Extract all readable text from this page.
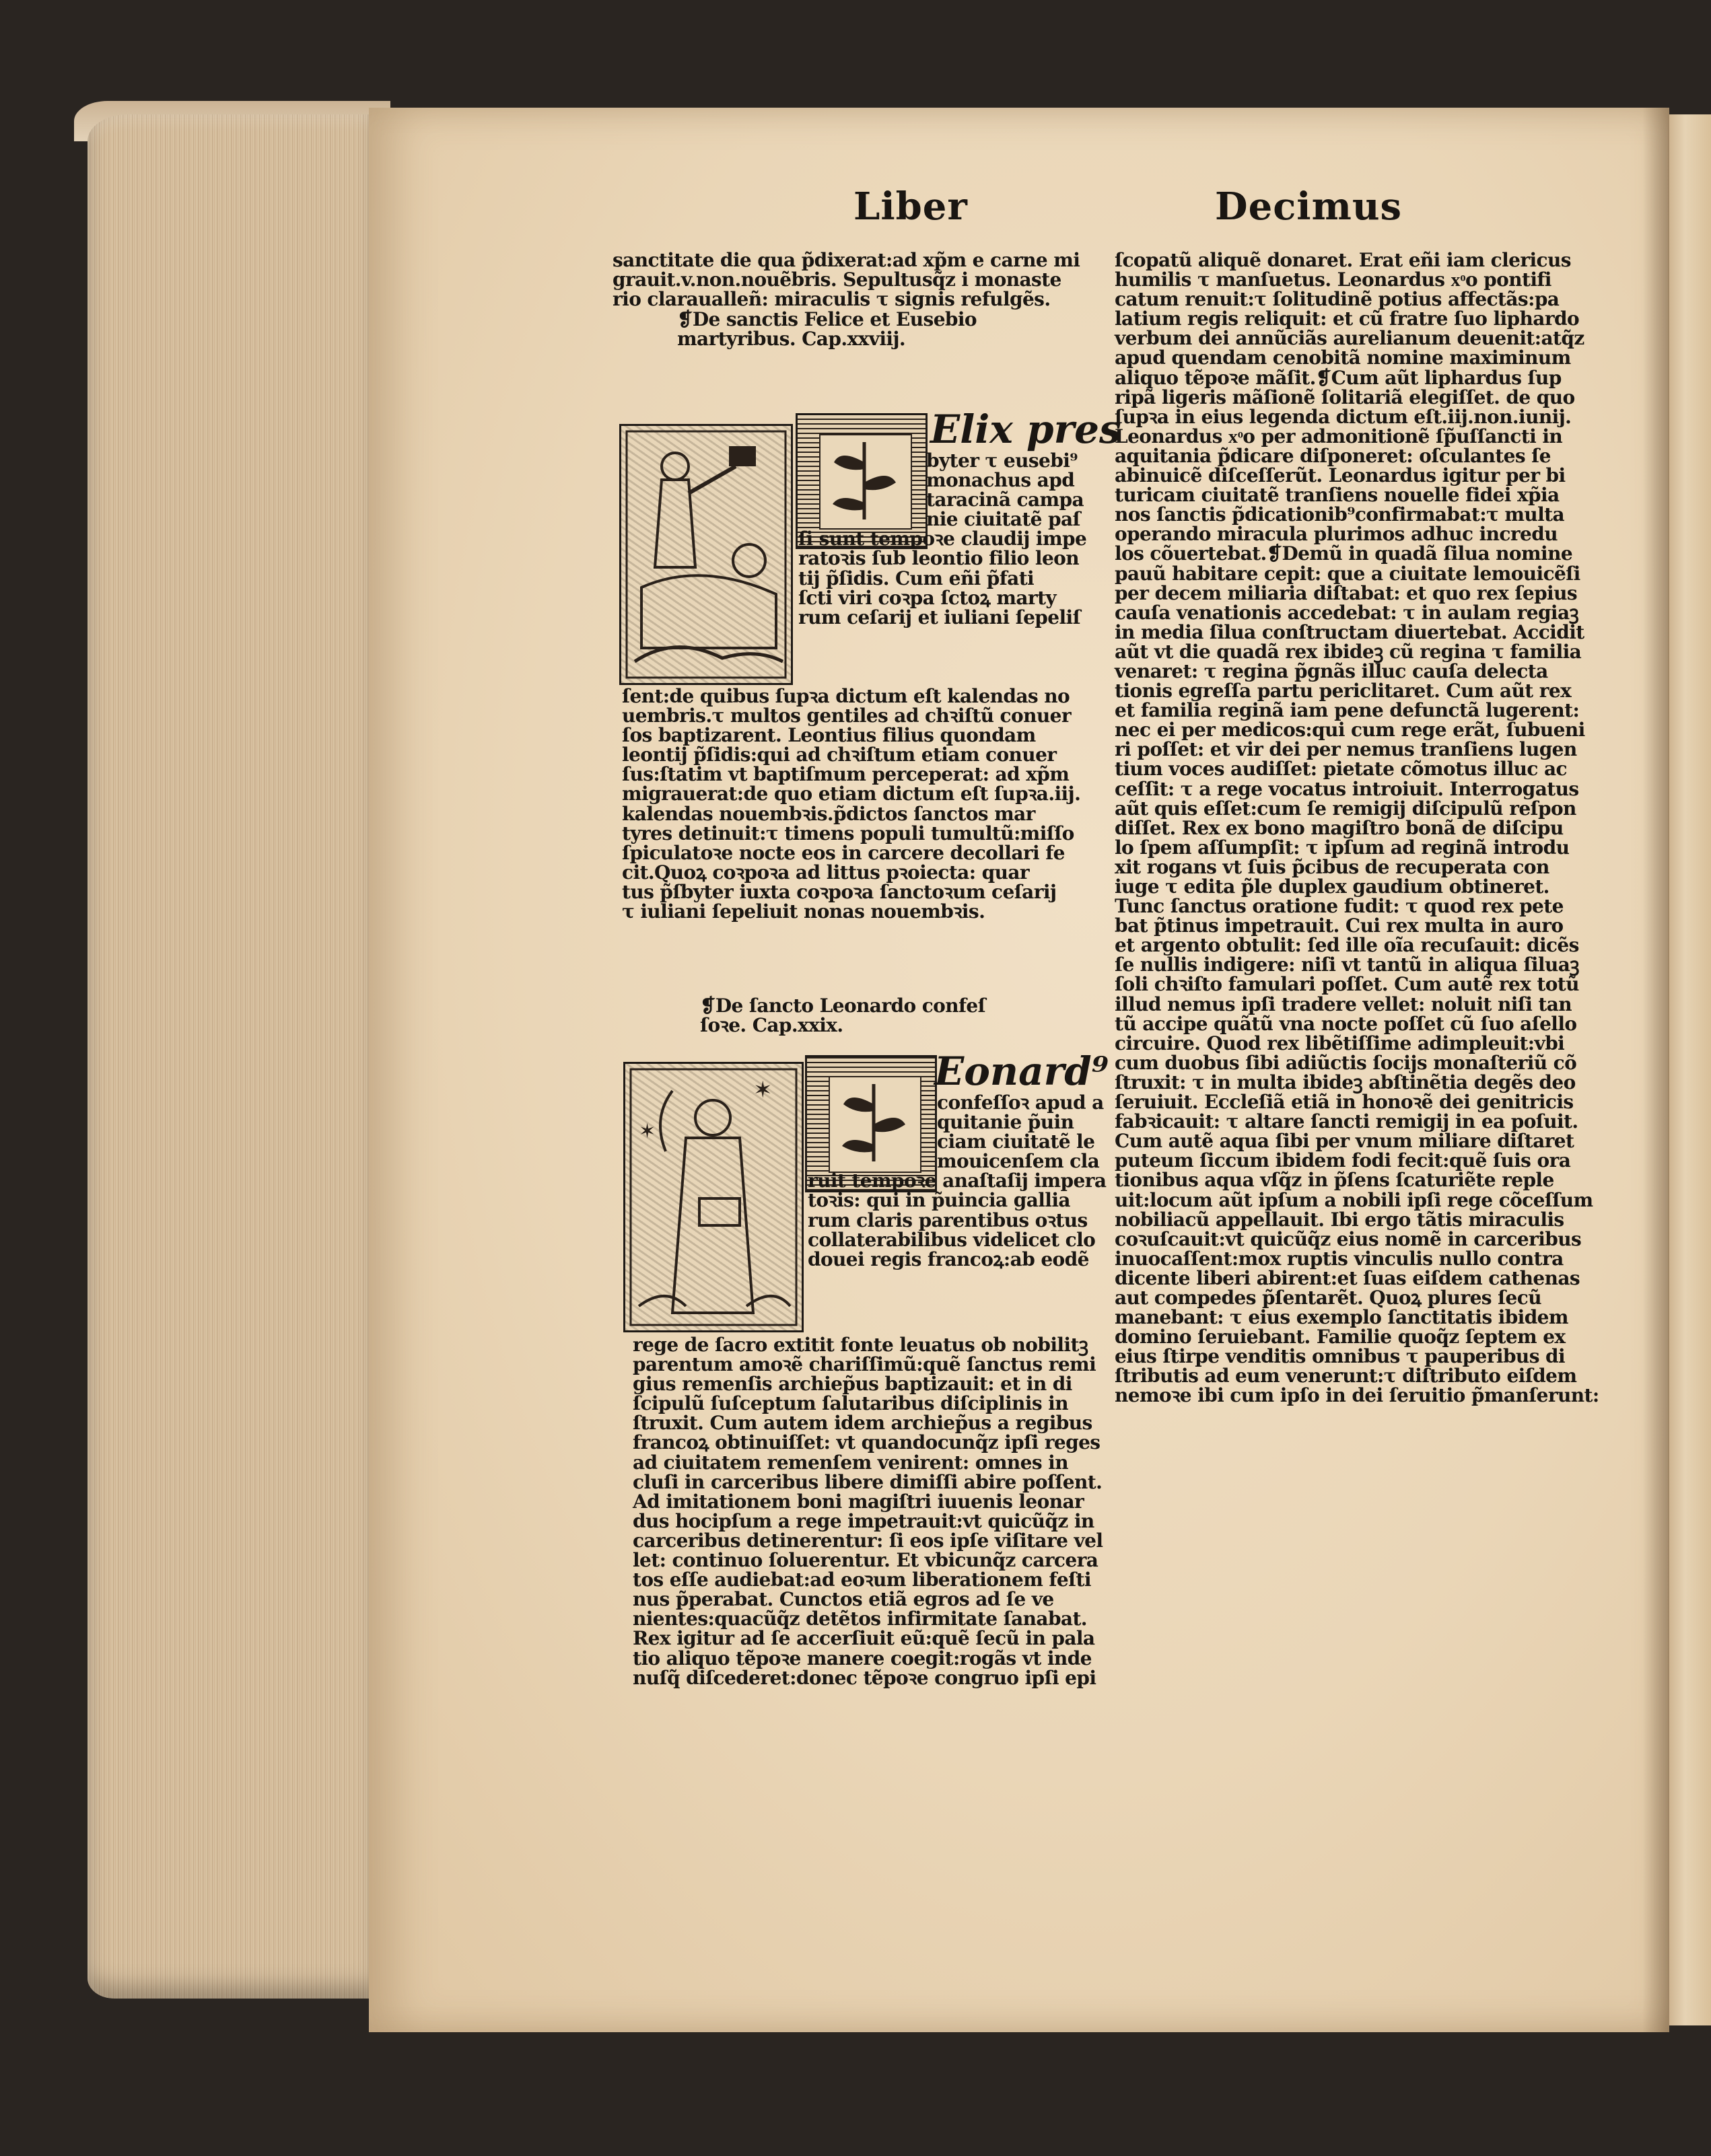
Liber	Decimus
sanctitate die qua p̃dixerat:ad xp̃m e carne mi
grauit.v.non.nouẽbris. Sepultusq̃z i monaste
rio claraualleñ: miraculis τ signis refulgẽs.
❡De sanctis Felice et Eusebio
martyribus. Cap.xxviij.
Elix pres
byter τ eusebi⁹
monachus apd
taracinã campa
nie ciuitatẽ paſ
ſi sunt tempoꝛe claudij impe
ratoꝛis ſub leontio filio leon
tij p̃ſidis. Cum eñi p̃fati
ſcti viri coꝛpa ſctoꝝ marty
rum ceſarij et iuliani ſepeliſ
ſent:de quibus ſupꝛa dictum eſt kalendas no
uembris.τ multos gentiles ad chꝛiſtũ conuer
ſos baptizarent. Leontius filius quondam
leontij p̃ſidis:qui ad chꝛiſtum etiam conuer
ſus:ſtatim vt baptiſmum perceperat: ad xp̃m
migrauerat:de quo etiam dictum eſt ſupꝛa.iij.
kalendas nouembꝛis.p̃dictos ſanctos mar
tyres detinuit:τ timens populi tumultũ:miſſo
ſpiculatoꝛe nocte eos in carcere decollari fe
cit.Quoꝝ coꝛpoꝛa ad littus pꝛoiecta: quar
tus p̃ſbyter iuxta coꝛpoꝛa ſanctoꝛum ceſarij
τ iuliani ſepeliuit nonas nouembꝛis.
❡De ſancto Leonardo confeſ
ſoꝛe. Cap.xxix.
✶
✶
Eonard⁹
confeſſoꝛ apud a
quitanie p̃uin
ciam ciuitatẽ le
mouicenſem cla
ruit tempoꝛe anaſtaſij impera
toꝛis: qui in p̃uincia gallia
rum claris parentibus oꝛtus
collaterabilibus videlicet clo
douei regis francoꝝ:ab eodẽ
rege de ſacro extitit fonte leuatus ob nobilitꝫ
parentum amoꝛẽ chariſſimũ:quẽ ſanctus remi
gius remenſis archiep̃us baptizauit: et in di
ſcipulũ ſuſceptum ſalutaribus diſciplinis in
ſtruxit. Cum autem idem archiep̃us a regibus
francoꝝ obtinuiſſet: vt quandocunq̃z ipſi reges
ad ciuitatem remenſem venirent: omnes in
cluſi in carceribus libere dimiſſi abire poſſent.
Ad imitationem boni magiſtri iuuenis leonar
dus hocipſum a rege impetrauit:vt quicũq̃z in
carceribus detinerentur: ſi eos ipſe viſitare vel
let: continuo ſoluerentur. Et vbicunq̃z carcera
tos eſſe audiebat:ad eoꝛum liberationem feſti
nus p̃perabat. Cunctos etiã egros ad ſe ve
nientes:quacũq̃z detẽtos infirmitate ſanabat.
Rex igitur ad ſe accerſiuit eũ:quẽ ſecũ in pala
tio aliquo tẽpoꝛe manere coegit:rogãs vt inde
nuſq̃ diſcederet:donec tẽpoꝛe congruo ipſi epi
ſcopatũ aliquẽ donaret. Erat eñi iam clericus
humilis τ manſuetus. Leonardus xͦo pontifi
catum renuit:τ ſolitudinẽ potius affectãs:pa
latium regis reliquit: et cũ fratre ſuo liphardo
verbum dei annũciãs aurelianum deuenit:atq̃z
apud quendam cenobitã nomine maximinum
aliquo tẽpoꝛe mãſit.❡Cum aũt liphardus ſup
ripã ligeris mãſionẽ ſolitariã elegiſſet. de quo
ſupꝛa in eius legenda dictum eſt.iij.non.iunij.
Leonardus xͦo per admonitionẽ ſp̃uſſancti in
aquitania p̃dicare diſponeret: oſculantes ſe
abinuicẽ diſceſſerũt. Leonardus igitur per bi
turicam ciuitatẽ tranſiens nouelle fidei xp̃ia
nos ſanctis p̃dicationib⁹confirmabat:τ multa
operando miracula plurimos adhuc incredu
los cõuertebat.❡Demũ in quadã ſilua nomine
pauũ habitare cepit: que a ciuitate lemouicẽſi
per decem miliaria diſtabat: et quo rex ſepius
cauſa venationis accedebat: τ in aulam regiaꝫ
in media ſilua conſtructam diuertebat. Accidit
aũt vt die quadã rex ibideꝫ cũ regina τ familia
venaret: τ regina p̃gnãs illuc cauſa delecta
tionis egreſſa partu periclitaret. Cum aũt rex
et familia reginã iam pene defunctã lugerent:
nec ei per medicos:qui cum rege erãt, ſubueni
ri poſſet: et vir dei per nemus tranſiens lugen
tium voces audiſſet: pietate cõmotus illuc ac
ceſſit: τ a rege vocatus introiuit. Interrogatus
aũt quis eſſet:cum ſe remigij diſcipulũ reſpon
diſſet. Rex ex bono magiſtro bonã de diſcipu
lo ſpem aſſumpſit: τ ipſum ad reginã introdu
xit rogans vt ſuis p̃cibus de recuperata con
iuge τ edita p̃le duplex gaudium obtineret.
Tunc ſanctus oratione fudit: τ quod rex pete
bat p̃tinus impetrauit. Cui rex multa in auro
et argento obtulit: ſed ille oĩa recuſauit: dicẽs
ſe nullis indigere: niſi vt tantũ in aliqua ſiluaꝫ
ſoli chꝛiſto famulari poſſet. Cum autẽ rex totũ
illud nemus ipſi tradere vellet: noluit niſi tan
tũ accipe quãtũ vna nocte poſſet cũ ſuo aſello
circuire. Quod rex libẽtiſſime adimpleuit:vbi
cum duobus ſibi adiũctis ſocijs monaſteriũ cõ
ſtruxit: τ in multa ibideꝫ abſtinẽtia degẽs deo
ſeruiuit. Eccleſiã etiã in honoꝛẽ dei genitricis
fabꝛicauit: τ altare ſancti remigij in ea poſuit.
Cum autẽ aqua ſibi per vnum miliare diſtaret
puteum ſiccum ibidem fodi fecit:quẽ ſuis ora
tionibus aqua vſq̃z in p̃ſens ſcaturiẽte reple
uit:locum aũt ipſum a nobili ipſi rege cõceſſum
nobiliacũ appellauit. Ibi ergo tãtis miraculis
coꝛuſcauit:vt quicũq̃z eius nomẽ in carceribus
inuocaſſent:mox ruptis vinculis nullo contra
dicente liberi abirent:et ſuas eiſdem cathenas
aut compedes p̃ſentarẽt. Quoꝝ plures ſecũ
manebant: τ eius exemplo ſanctitatis ibidem
domino ſeruiebant. Familie quoq̃z ſeptem ex
eius ſtirpe venditis omnibus τ pauperibus di
ſtributis ad eum venerunt:τ diſtributo eiſdem
nemoꝛe ibi cum ipſo in dei ſeruitio p̃manſerunt:
